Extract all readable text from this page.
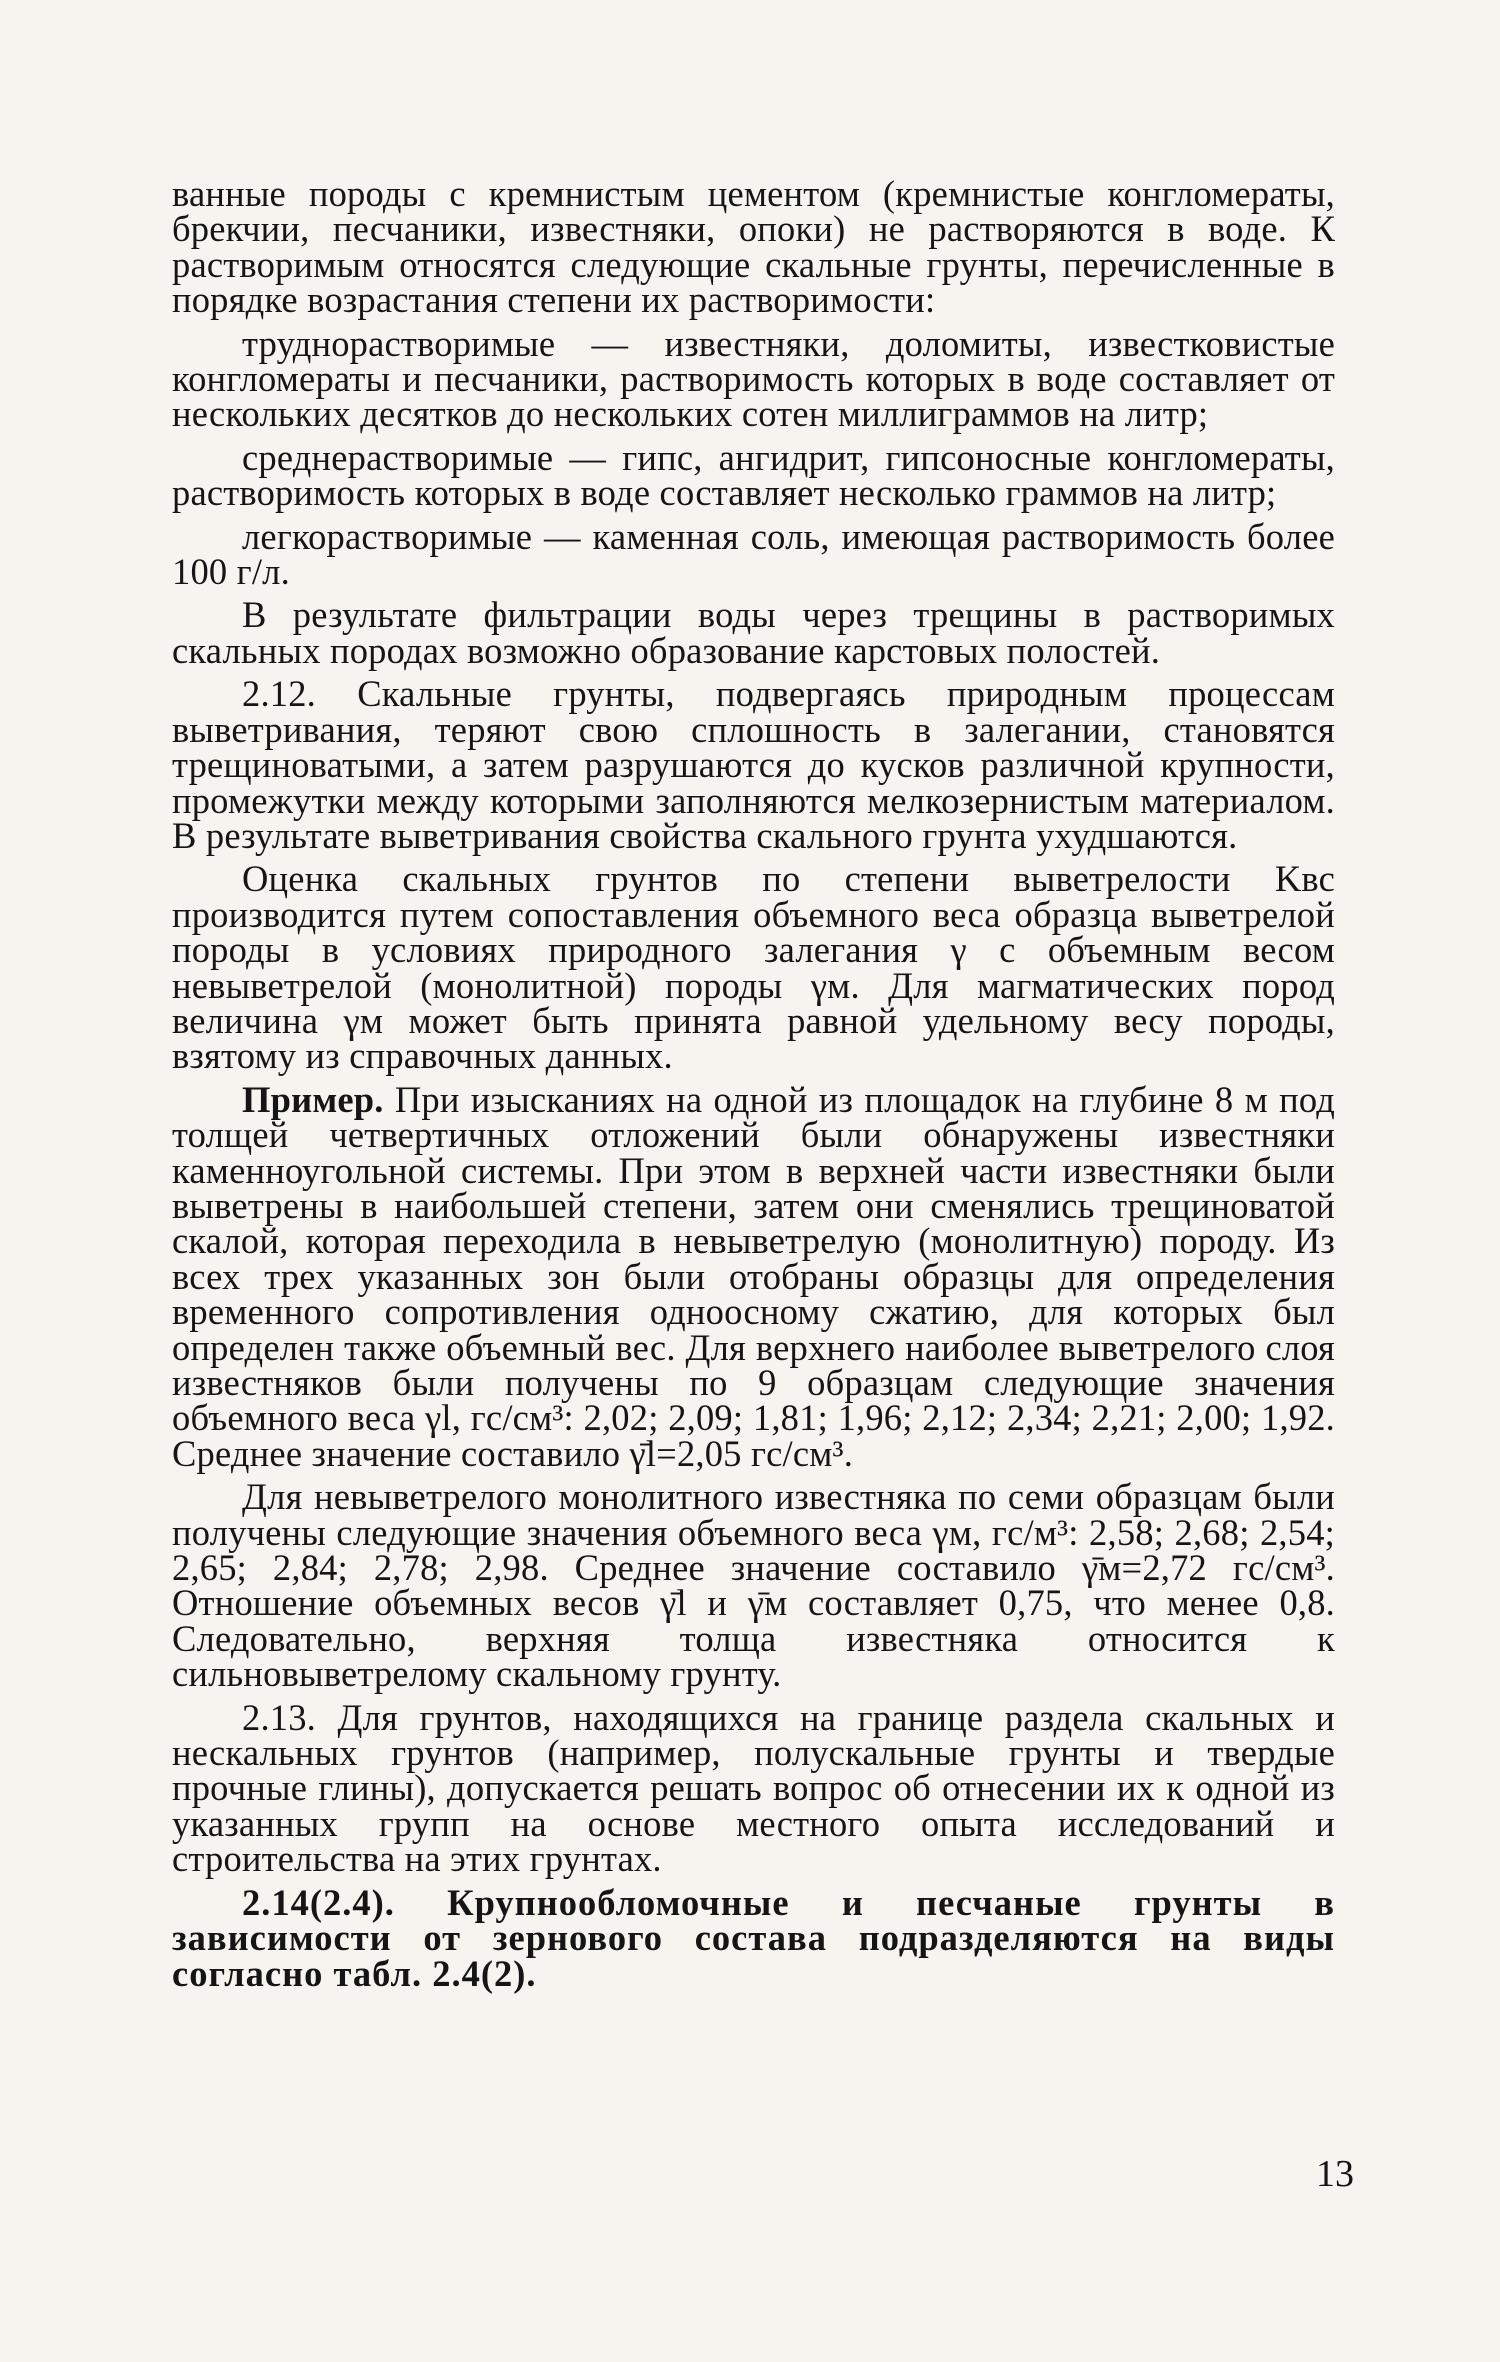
ванные породы с кремнистым цементом (кремнистые конгломераты, брекчии, песчаники, известняки, опоки) не растворяются в воде. К растворимым относятся следующие скальные грунты, перечисленные в порядке возрастания степени их растворимости:

труднорастворимые — известняки, доломиты, известковистые конгломераты и песчаники, растворимость которых в воде составляет от нескольких десятков до нескольких сотен миллиграммов на литр;

среднерастворимые — гипс, ангидрит, гипсоносные конгломераты, растворимость которых в воде составляет несколько граммов на литр;

легкорастворимые — каменная соль, имеющая растворимость более 100 г/л.

В результате фильтрации воды через трещины в растворимых скальных породах возможно образование карстовых полостей.

2.12. Скальные грунты, подвергаясь природным процессам выветривания, теряют свою сплошность в залегании, становятся трещиноватыми, а затем разрушаются до кусков различной крупности, промежутки между которыми заполняются мелкозернистым материалом. В результате выветривания свойства скального грунта ухудшаются.

Оценка скальных грунтов по степени выветрелости Kвс производится путем сопоставления объемного веса образца выветрелой породы в условиях природного залегания γ с объемным весом невыветрелой (монолитной) породы γм. Для магматических пород величина γм может быть принята равной удельному весу породы, взятому из справочных данных.

Пример. При изысканиях на одной из площадок на глубине 8 м под толщей четвертичных отложений были обнаружены известняки каменноугольной системы. При этом в верхней части известняки были выветрены в наибольшей степени, затем они сменялись трещиноватой скалой, которая переходила в невыветрелую (монолитную) породу. Из всех трех указанных зон были отобраны образцы для определения временного сопротивления одноосному сжатию, для которых был определен также объемный вес. Для верхнего наиболее выветрелого слоя известняков были получены по 9 образцам следующие значения объемного веса γl, гс/см³: 2,02; 2,09; 1,81; 1,96; 2,12; 2,34; 2,21; 2,00; 1,92. Среднее значение составило γ̄l=2,05 гс/см³.

Для невыветрелого монолитного известняка по семи образцам были получены следующие значения объемного веса γм, гс/м³: 2,58; 2,68; 2,54; 2,65; 2,84; 2,78; 2,98. Среднее значение составило γ̄м=2,72 гс/см³. Отношение объемных весов γ̄l и γ̄м составляет 0,75, что менее 0,8. Следовательно, верхняя толща известняка относится к сильновыветрелому скальному грунту.

2.13. Для грунтов, находящихся на границе раздела скальных и нескальных грунтов (например, полускальные грунты и твердые прочные глины), допускается решать вопрос об отнесении их к одной из указанных групп на основе местного опыта исследований и строительства на этих грунтах.

2.14(2.4). Крупнообломочные и песчаные грунты в зависимости от зернового состава подразделяются на виды согласно табл. 2.4(2).

13
